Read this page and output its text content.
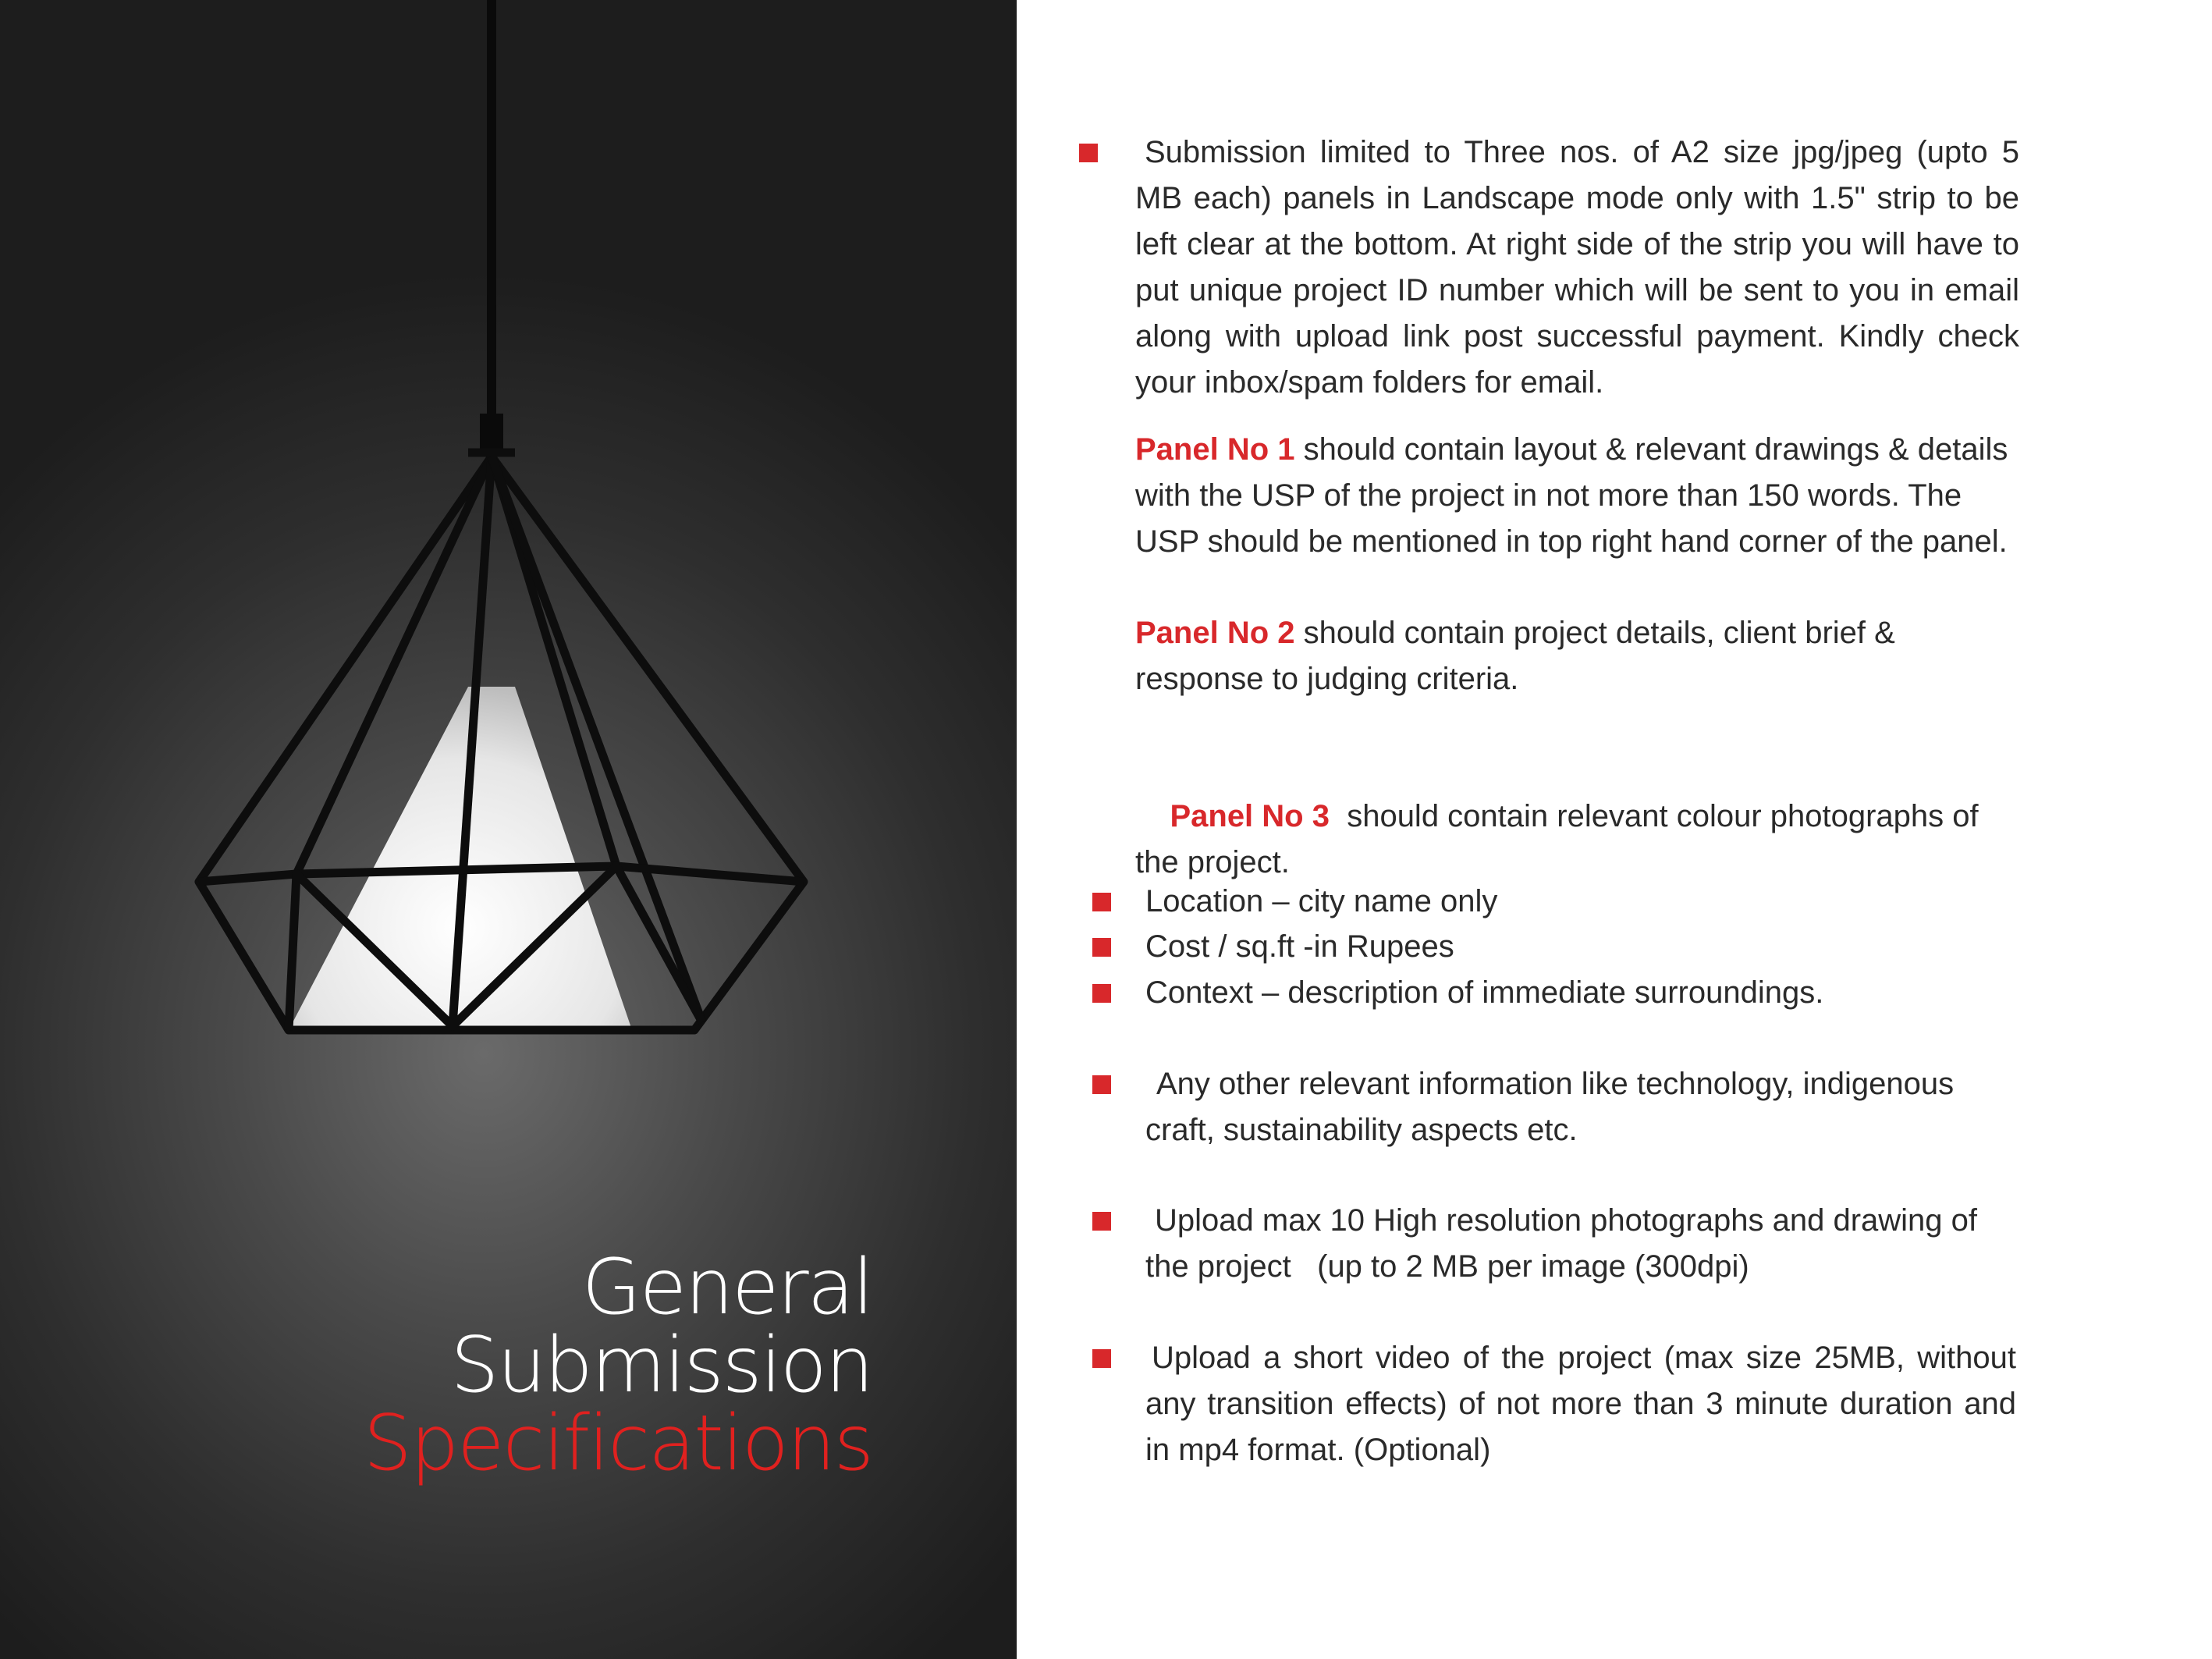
General
Submission
Specifications
Submission limited to Three nos. of A2 size jpg/jpeg (upto 5 MB each) panels in Landscape mode only with 1.5" strip to be left clear at the bottom. At right side of the strip you will have to put unique project ID number which will be sent to you in email along with upload link post successful payment. Kindly check your inbox/spam folders for email.
Panel No 1 should contain layout & relevant drawings & details with the USP of the project in not more than 150 words. The USP should be mentioned in top right hand corner of the panel.
Panel No 2 should contain project details, client brief & response to judging criteria.

Panel No 3  should contain relevant colour photographs of the project.

Location – city name only
Cost / sq.ft -in Rupees
Context – description of immediate surroundings.
Any other relevant information like technology, indigenous craft, sustainability aspects etc.
Upload max 10 High resolution photographs and drawing of the project   (up to 2 MB per image (300dpi)
Upload a short video of the project (max size 25MB, without any transition effects) of not more than 3 minute duration and in mp4 format. (Optional)
